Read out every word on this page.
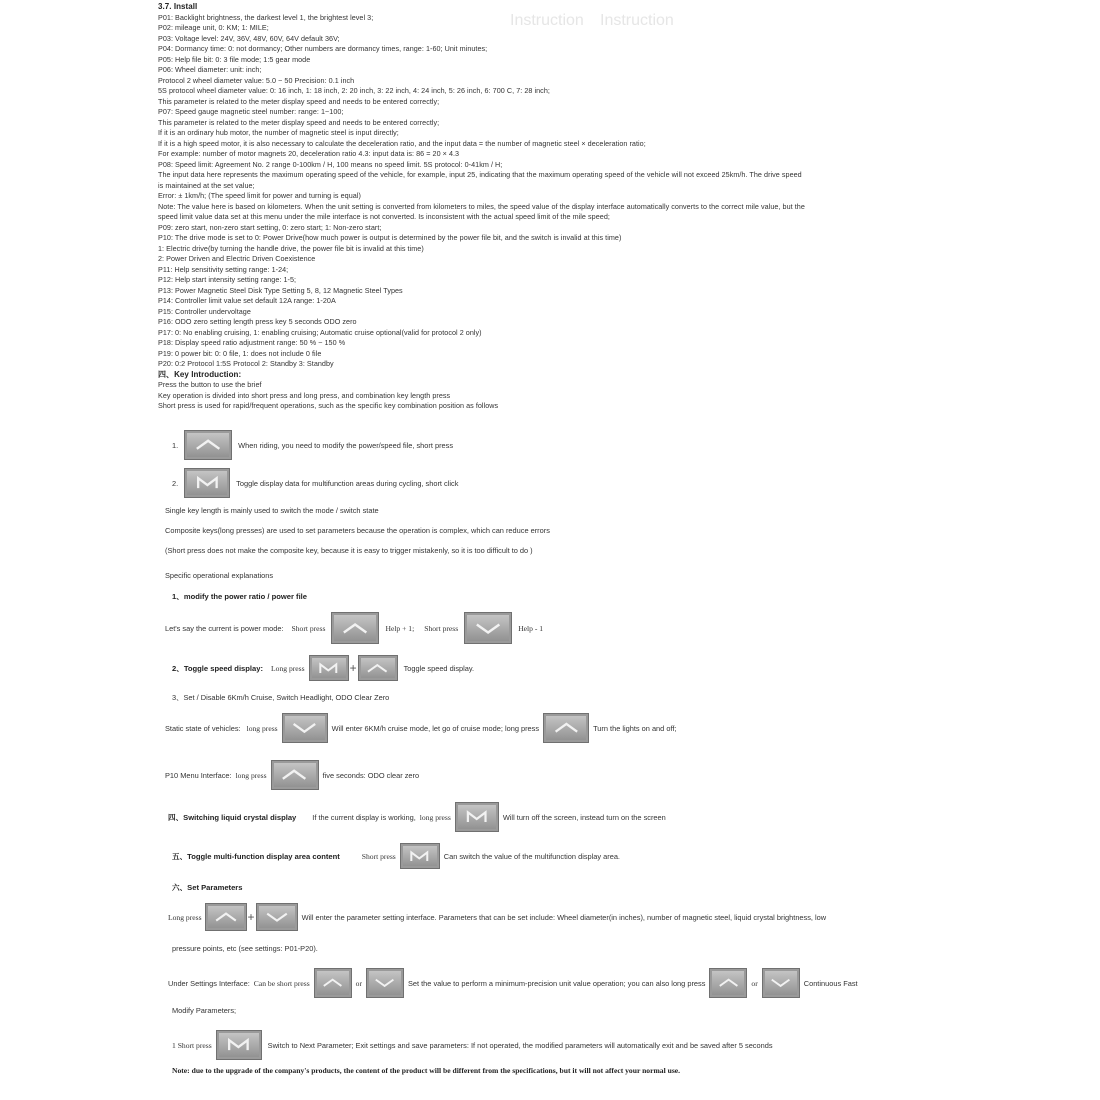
Instruction Instruction
3.7. Install
P01: Backlight brightness, the darkest level 1, the brightest level 3;
P02: mileage unit, 0: KM; 1: MILE;
P03: Voltage level: 24V, 36V, 48V, 60V, 64V default 36V;
P04: Dormancy time: 0: not dormancy; Other numbers are dormancy times, range: 1-60; Unit minutes;
P05: Help file bit: 0: 3 file mode; 1:5 gear mode
P06: Wheel diameter: unit: inch;
Protocol 2 wheel diameter value: 5.0 ~ 50 Precision: 0.1 inch
5S protocol wheel diameter value: 0: 16 inch, 1: 18 inch, 2: 20 inch, 3: 22 inch, 4: 24 inch, 5: 26 inch, 6: 700 C, 7: 28 inch;
This parameter is related to the meter display speed and needs to be entered correctly;
P07: Speed gauge magnetic steel number: range: 1~100;
This parameter is related to the meter display speed and needs to be entered correctly;
If it is an ordinary hub motor, the number of magnetic steel is input directly;
If it is a high speed motor, it is also necessary to calculate the deceleration ratio, and the input data = the number of magnetic steel × deceleration ratio;
For example: number of motor magnets 20, deceleration ratio 4.3: input data is: 86 = 20 × 4.3
P08: Speed limit: Agreement No. 2 range 0-100km / H, 100 means no speed limit. 5S protocol: 0-41km / H;
The input data here represents the maximum operating speed of the vehicle, for example, input 25, indicating that the maximum operating speed of the vehicle will not exceed 25km/h. The drive speed
is maintained at the set value;
Error: ± 1km/h; (The speed limit for power and turning is equal)
Note: The value here is based on kilometers. When the unit setting is converted from kilometers to miles, the speed value of the display interface automatically converts to the correct mile value, but the
speed limit value data set at this menu under the mile interface is not converted. Is inconsistent with the actual speed limit of the mile speed;
P09: zero start, non-zero start setting, 0: zero start; 1: Non-zero start;
P10: The drive mode is set to 0: Power Drive(how much power is output is determined by the power file bit, and the switch is invalid at this time)
1: Electric drive(by turning the handle drive, the power file bit is invalid at this time)
2: Power Driven and Electric Driven Coexistence
P11: Help sensitivity setting range: 1-24;
P12: Help start intensity setting range: 1-5;
P13: Power Magnetic Steel Disk Type Setting 5, 8, 12 Magnetic Steel Types
P14: Controller limit value set default 12A range: 1-20A
P15: Controller undervoltage
P16: ODO zero setting length press key 5 seconds ODO zero
P17: 0: No enabling cruising, 1: enabling cruising; Automatic cruise optional(valid for protocol 2 only)
P18: Display speed ratio adjustment range: 50 % ~ 150 %
P19: 0 power bit: 0: 0 file, 1: does not include 0 file
P20: 0:2 Protocol 1:5S Protocol 2: Standby 3: Standby
四、Key Introduction:
Press the button to use the brief
Key operation is divided into short press and long press, and combination key length press
Short press is used for rapid/frequent operations, such as the specific key combination position as follows
1.	When riding, you need to modify the power/speed file, short press
2.	Toggle display data for multifunction areas during cycling, short click
Single key length is mainly used to switch the mode / switch state
Composite keys(long presses) are used to set parameters because the operation is complex, which can reduce errors
(Short press does not make the composite key, because it is easy to trigger mistakenly, so it is too difficult to do )
Specific operational explanations
1、modify the power ratio / power file
Let's say the current is power mode: Short press	Help + 1; Short press	Help - 1
2、Toggle speed display: Long press	+	Toggle speed display.
3、Set / Disable 6Km/h Cruise, Switch Headlight, ODO Clear Zero
Static state of vehicles: long press	Will enter 6KM/h cruise mode, let go of cruise mode; long press	Turn the lights on and off;
P10 Menu Interface: long press	five seconds: ODO clear zero
四、Switching liquid crystal display If the current display is working, long press	Will turn off the screen, instead turn on the screen
五、Toggle multi-function display area content	Short press	Can switch the value of the multifunction display area.
六、Set Parameters
Long press	+	Will enter the parameter setting interface. Parameters that can be set include: Wheel diameter(in inches), number of magnetic steel, liquid crystal brightness, low
pressure points, etc (see settings: P01-P20).
Under Settings Interface: Can be short press	or	Set the value to perform a minimum-precision unit value operation; you can also long press	or	Continuous Fast
Modify Parameters;
1 Short press	Switch to Next Parameter; Exit settings and save parameters: If not operated, the modified parameters will automatically exit and be saved after 5 seconds
Note: due to the upgrade of the company's products, the content of the product will be different from the specifications, but it will not affect your normal use.
